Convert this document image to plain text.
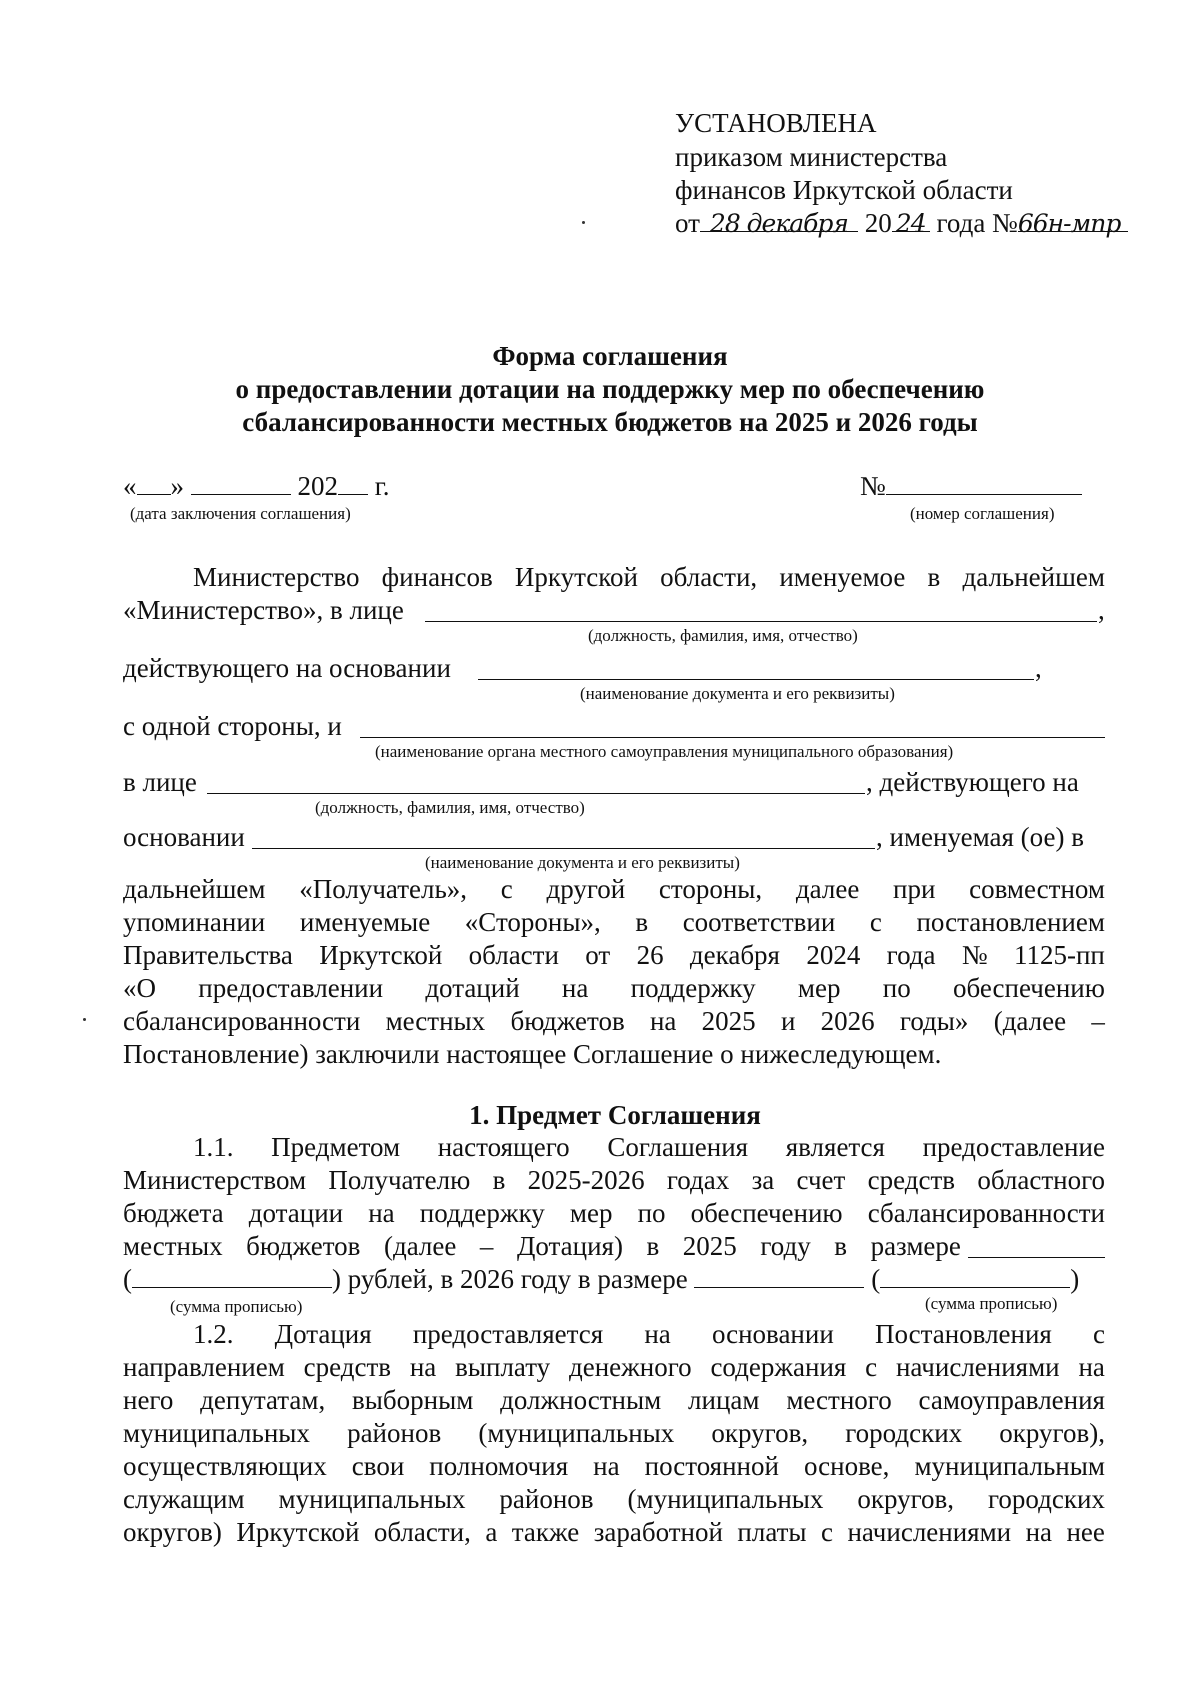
УСТАНОВЛЕНА
приказом министерства
финансов Иркутской области
от 28 декабря 20 24 года №66н-мпр
Форма соглашения
о предоставлении дотации на поддержку мер по обеспечению
сбалансированности местных бюджетов на 2025 и 2026 годы
« »	202 г.
(дата заключения соглашения)
№
(номер соглашения)
Министерство финансов Иркутской области, именуемое в дальнейшем
«Министерство», в лице	,
(должность, фамилия, имя, отчество)
действующего на основании	,
(наименование документа и его реквизиты)
с одной стороны, и
(наименование органа местного самоуправления муниципального образования)
в лице	, действующего на
(должность, фамилия, имя, отчество)
основании	, именуемая (ое) в
(наименование документа и его реквизиты)
дальнейшем «Получатель», с другой стороны, далее при совместном
упоминании именуемые «Стороны», в соответствии с постановлением
Правительства Иркутской области от 26 декабря 2024 года № 1125-пп
«О предоставлении дотаций на поддержку мер по обеспечению
сбалансированности местных бюджетов на 2025 и 2026 годы» (далее –
Постановление) заключили настоящее Соглашение о нижеследующем.
1. Предмет Соглашения
1.1. Предметом настоящего Соглашения является предоставление
Министерством Получателю в 2025-2026 годах за счет средств областного
бюджета дотации на поддержку мер по обеспечению сбалансированности
местных бюджетов (далее – Дотация) в 2025 году в размере
(	) рублей, в 2026 году в размере	(	)
(сумма прописью)	(сумма прописью)
1.2. Дотация предоставляется на основании Постановления с
направлением средств на выплату денежного содержания с начислениями на
него депутатам, выборным должностным лицам местного самоуправления
муниципальных районов (муниципальных округов, городских округов),
осуществляющих свои полномочия на постоянной основе, муниципальным
служащим муниципальных районов (муниципальных округов, городских
округов) Иркутской области, а также заработной платы с начислениями на нее
